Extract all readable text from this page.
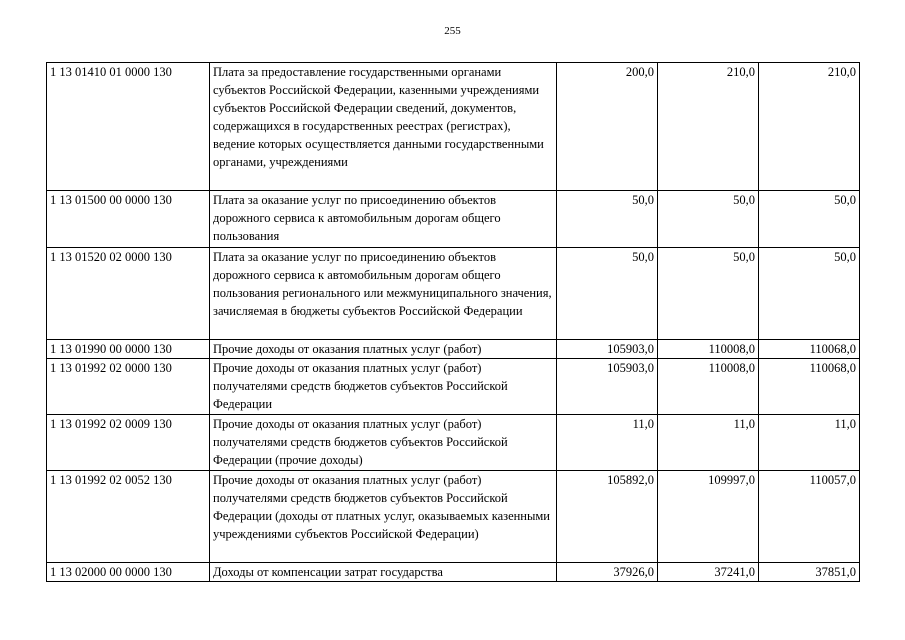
255
1 13 01410 01 0000 130	Плата за предоставление государственными органами субъектов Российской Федерации, казенными учреждениями субъектов Российской Федерации сведений, документов, содержащихся в государственных реестрах (регистрах), ведение которых осуществляется данными государственными органами, учреждениями	200,0	210,0	210,0
1 13 01500 00 0000 130	Плата за оказание услуг по присоединению объектов дорожного сервиса к автомобильным дорогам общего пользования	50,0	50,0	50,0
1 13 01520 02 0000 130	Плата за оказание услуг по присоединению объектов дорожного сервиса к автомобильным дорогам общего пользования регионального или межмуниципального значения, зачисляемая в бюджеты субъектов Российской Федерации	50,0	50,0	50,0
1 13 01990 00 0000 130	Прочие доходы от оказания платных услуг (работ)	105903,0	110008,0	110068,0
1 13 01992 02 0000 130	Прочие доходы от оказания платных услуг (работ) получателями средств бюджетов субъектов Российской Федерации	105903,0	110008,0	110068,0
1 13 01992 02 0009 130	Прочие доходы от оказания платных услуг (работ) получателями средств бюджетов субъектов Российской Федерации (прочие доходы)	11,0	11,0	11,0
1 13 01992 02 0052 130	Прочие доходы от оказания платных услуг (работ) получателями средств бюджетов субъектов Российской Федерации (доходы от платных услуг, оказываемых казенными учреждениями субъектов Российской Федерации)	105892,0	109997,0	110057,0
1 13 02000 00 0000 130	Доходы от компенсации затрат государства	37926,0	37241,0	37851,0
